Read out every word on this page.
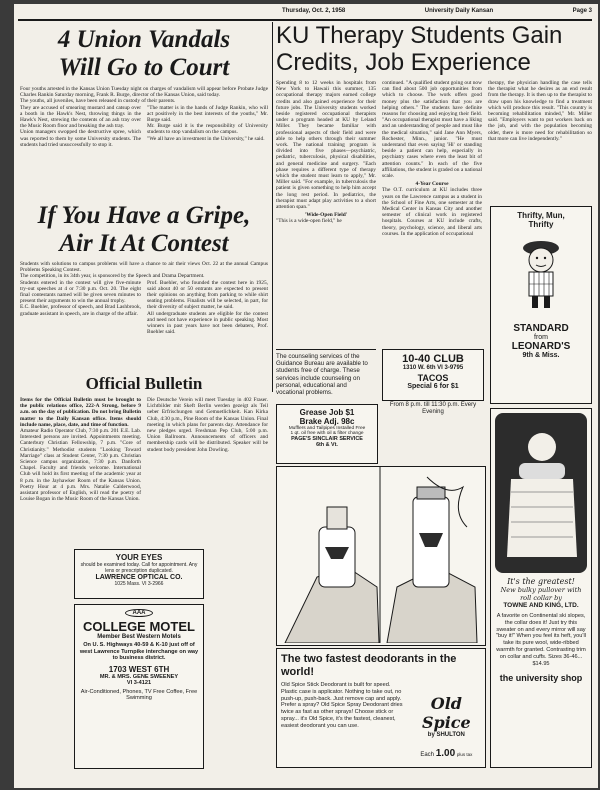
Thursday, Oct. 2, 1958	University Daily Kansan	Page 3
4 Union Vandals
Will Go to Court

Four youths arrested in the Kansas Union Tuesday night on charges of vandalism will appear before Probate Judge Charles Rankin Saturday morning, Frank R. Burge, director of the Kansas Union, said today.

The youths, all juveniles, have been released in custody of their parents.

They are accused of smearing mustard and catsup over a booth in the Hawk's Nest, throwing things in the Hawk's Nest, strewing the contents of an ash tray over the Music Room floor and breaking the ash tray.

Union managers swopped the destructive spree, which was reported to them by some University students. The students had tried unsuccessfully to stop it.

"The matter is in the hands of Judge Rankin, who will act positively in the best interests of the youths," Mr. Burge said.

Mr. Burge said it is the responsibility of University students to stop vandalism on the campus.

"We all have an investment in the University," he said.

If You Have a Gripe,
Air It At Contest

Students with solutions to campus problems will have a chance to air their views Oct. 22 at the annual Campus Problems Speaking Contest.

The competition, in its 34th year, is sponsored by the Speech and Drama Department.

Students entered in the contest will give five-minute try-out speeches at 4 or 7:30 p.m. Oct. 20. The eight final contestants named will be given seven minutes to present their arguments to win the annual trophy.

E.C. Buehler, professor of speech, and Brad Lashbrook, graduate assistant in speech, are in charge of the affair.

Prof. Buehler, who founded the contest here in 1925, said about 40 or 50 entrants are expected to present their opinions on anything from parking to while shirt seating problems. Finalists will be selected, in part, for their diversity of subject matter, he said.

All undergraduate students are eligible for the contest and need not have experience in public speaking. Most winners in past years have not been debaters, Prof. Buehler said.

Official Bulletin

Items for the Official Bulletin must be brought to the public relations office, 222-A Strong, before 9 a.m. on the day of publication. Do not bring Bulletin matter to the Daily Kansan office. Items should include name, place, date, and time of function.

Amateur Radio Operator Club, 7:30 p.m. 201 E.E. Lab. Interested persons are invited. Appointments meeting. Canterbury Christian Fellowship, 7 p.m. "Core of Christianity." Methodist students "Looking Toward Marriage" class at Student Center, 7:30 p.m. Christian Science campus organization, 7:30 p.m. Danforth Chapel. Faculty and friends welcome. International Club will hold its first meeting of the academic year at 8 p.m. in the Jayhawker Room of the Kansas Union. Poetry Hour at 4 p.m. Mrs. Natalie Calderwood, assistant professor of English, will read the poetry of Louise Bogan in the Music Room of the Kansas Union.

Die Deutsche Verein will meet Tuesday in 402 Fraser. Lichtbilder mit Skeft Berlin werden gezeigt als Teil ueber Erfrischungen und Gemuetlichkeit. Kan Kirka Club, 4:30 p.m., Pine Room of the Kansas Union. Final meeting in which plans for parents day. Attendance for new pledges urged. Freshman Pep Club, 5:00 p.m. Union Ballroom. Announcements of officers and membership cards will be distributed. Speaker will be student body president John Dowling.

KU Therapy Students Gain
Credits, Job Experience

Spending 8 to 12 weeks in hospitals from New York to Hawaii this summer, 135 occupational therapy majors earned college credits and also gained experience for their future jobs. The University students worked beside registered occupational therapists under a program headed at KU by Leland Miller. They became familiar with professional aspects of their field and were able to help others through their summer work. The national training program is divided into five phases—psychiatric, pediatric, tuberculosis, physical disabilities, and general medicine and surgery. "Each phase requires a different type of therapy which the student must learn to apply," Mr. Miller said. "For example, in tuberculosis the patient is given something to help him accept the long rest period. In pediatrics, the therapist must adapt play activities to a short attention span."

'Wide-Open Field'

"This is a wide-open field," he

continued. "A qualified student going out now can find about 500 job opportunities from which to choose. The work offers good money plus the satisfaction that you are helping others." The students have definite reasons for choosing and enjoying their field. "An occupational therapist must have a liking and an understanding of people and must like the medical situation," said Jane Ann Myers, Rochester, Minn., junior. "He must understand that even saying 'Hi' or standing beside a patient can help, especially in psychiatry cases where even the least bit of attention counts." In each of the five affiliations, the student is graded on a national scale.

4-Year Course

The O.T. curriculum at KU includes three years on the Lawrence campus as a student in the School of Fine Arts, one semester at the Medical Center in Kansas City and another semester of clinical work in registered hospitals. Courses at KU include crafts, theory, psychology, science, and liberal arts courses. In the application of occupational

therapy, the physician handling the case tells the therapist what he desires as an end result from the therapy. It is then up to the therapist to draw upon his knowledge to find a treatment which will produce this result. "This country is becoming rehabilitation minded," Mr. Miller said. "Employers want to put workers back on the job, and with the population becoming older, there is more need for rehabilitation so that more can live independently."

The counseling services of the Guidance Bureau are available to students free of charge. These services include counseling on personal, educational and vocational problems.

10-40 CLUB
1310 W. 6th VI 3-9795
TACOS
Special 6 for $1

From 8 p.m. till 11:30 p.m. Every Evening

Thrifty, Mun,
Thrifty
STANDARD
from
LEONARD'S
9th & Miss.
Grease Job $1
Brake Adj. 98c
Mufflers and Tailpipes Installed Free
1 qt. oil free with oil & filter change
PAGE'S SINCLAIR SERVICE
6th & Vt.
The two fastest deodorants in the world!

Old Spice Stick Deodorant is built for speed. Plastic case is applicator. Nothing to take out, no push-up, push-back. Just remove cap and apply. Prefer a spray? Old Spice Spray Deodorant dries twice as fast as other sprays! Choose stick or spray... it's Old Spice, it's the fastest, cleanest, easiest deodorant you can use.

Old Spice
by SHULTON
Each 1.00 plus tax
YOUR EYES

should be examined today. Call for appointment. Any lens or prescription duplicated.

LAWRENCE OPTICAL CO.
1025 Mass. VI 3-2966
AAA
COLLEGE MOTEL
Member Best Western Motels

On U. S. Highways 40-59 & K-10 just off of west Lawrence Turnpike interchange on way to business district.

1703 WEST 6TH
MR. & MRS. GENE SWEENEY
VI 3-4121

Air-Conditioned, Phones, TV Free Coffee, Free Swimming

It's the greatest!
New bulky pullover with roll collar by
TOWNE AND KING, LTD.

A favorite on Continental ski slopes, the collar does it! Just try this sweater on and every mirror will say "buy it!" When you feel its heft, you'll take its pure wool, wide-ribbed warmth for granted. Contrasting trim on collar and cuffs. Sizes 36-46... $14.95

the university shop
